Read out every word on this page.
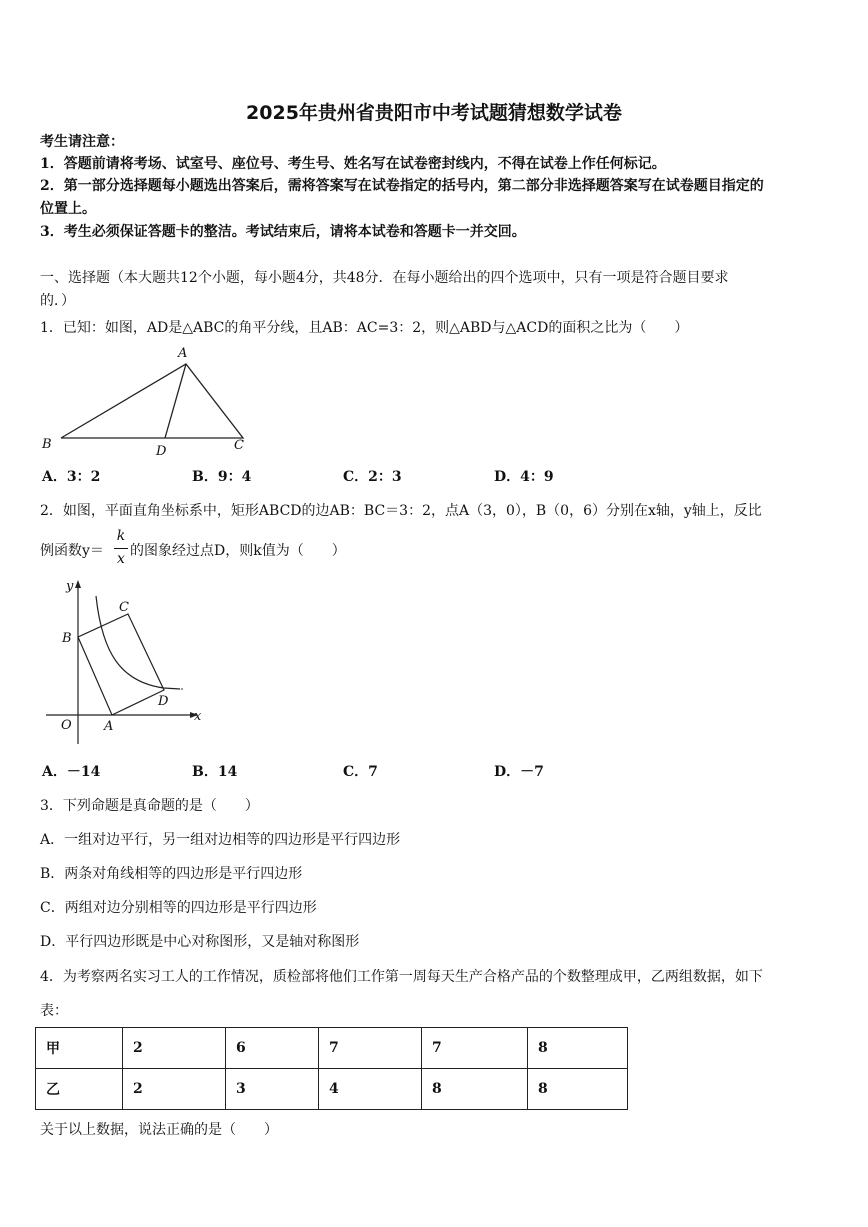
2025年贵州省贵阳市中考试题猜想数学试卷
考生请注意：
1．答题前请将考场、试室号、座位号、考生号、姓名写在试卷密封线内，不得在试卷上作任何标记。
2．第一部分选择题每小题选出答案后，需将答案写在试卷指定的括号内，第二部分非选择题答案写在试卷题目指定的
位置上。
3．考生必须保证答题卡的整洁。考试结束后，请将本试卷和答题卡一并交回。
一、选择题（本大题共12个小题，每小题4分，共48分．在每小题给出的四个选项中，只有一项是符合题目要求
的．）
1．已知：如图，AD是△ABC的角平分线，且AB：AC=3：2，则△ABD与△ACD的面积之比为（　　）
A
B	C
D
A．3：2	B．9：4	C．2：3	D．4：9
2．如图，平面直角坐标系中，矩形ABCD的边AB：BC＝3：2，点A（3，0），B（0，6）分别在x轴，y轴上，反比
例函数y＝
k
x 的图象经过点D，则k值为（　　）
y
x
O A
B
C
D
A．－14	B．14	C．7	D．－7
3．下列命题是真命题的是（　　）
A．一组对边平行，另一组对边相等的四边形是平行四边形
B．两条对角线相等的四边形是平行四边形
C．两组对边分别相等的四边形是平行四边形
D．平行四边形既是中心对称图形，又是轴对称图形
4．为考察两名实习工人的工作情况，质检部将他们工作第一周每天生产合格产品的个数整理成甲，乙两组数据，如下
表：
甲	2	6	7	7	8
乙	2	3	4	8	8
关于以上数据，说法正确的是（　　）
